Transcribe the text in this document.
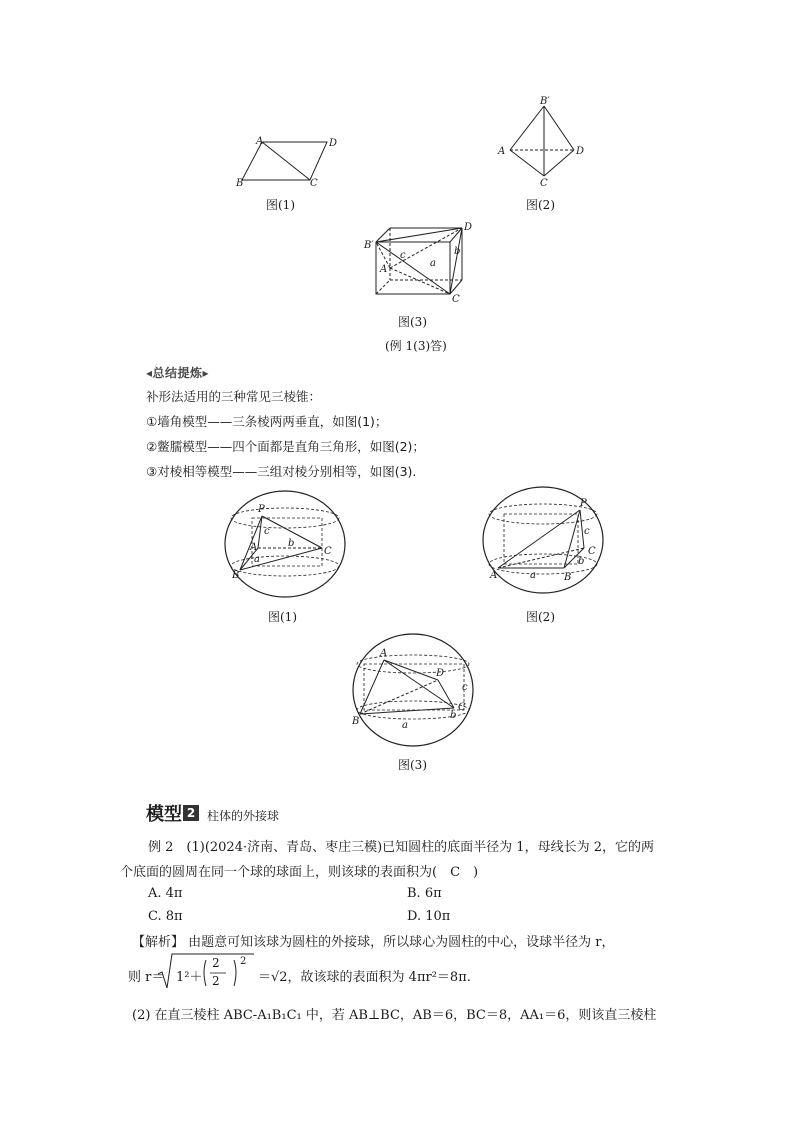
A	D
B	C
图(1)
B′
A	D
C
图(2)
B′
A
D
C
a
b
c
图(3)
(例 1(3)答)
◂总结提炼▸
补形法适用的三种常见三棱锥：
①墙角模型——三条棱两两垂直，如图(1)；
②鳖臑模型——四个面都是直角三角形，如图(2)；
③对棱相等模型——三组对棱分别相等，如图(3).
P
A
B
C
a
b
c
图(1)
P
A	B
C
a
b
c
图(2)
A
B
C
D
a
b
c
图(3)
模型 2 柱体的外接球
例 2　(1)(2024·济南、青岛、枣庄三模)已知圆柱的底面半径为 1，母线长为 2，它的两
个底面的圆周在同一个球的球面上，则该球的表面积为(　C　)
A. 4π	B. 6π
C. 8π	D. 10π
【解析】 由题意可知该球为圆柱的外接球，所以球心为圆柱的中心，设球半径为 r，
则 r＝ 1²＋
2
2
2
＝√2，故该球的表面积为 4πr²＝8π.
(2) 在直三棱柱 ABC-A₁B₁C₁ 中，若 AB⊥BC，AB＝6，BC＝8，AA₁＝6，则该直三棱柱
